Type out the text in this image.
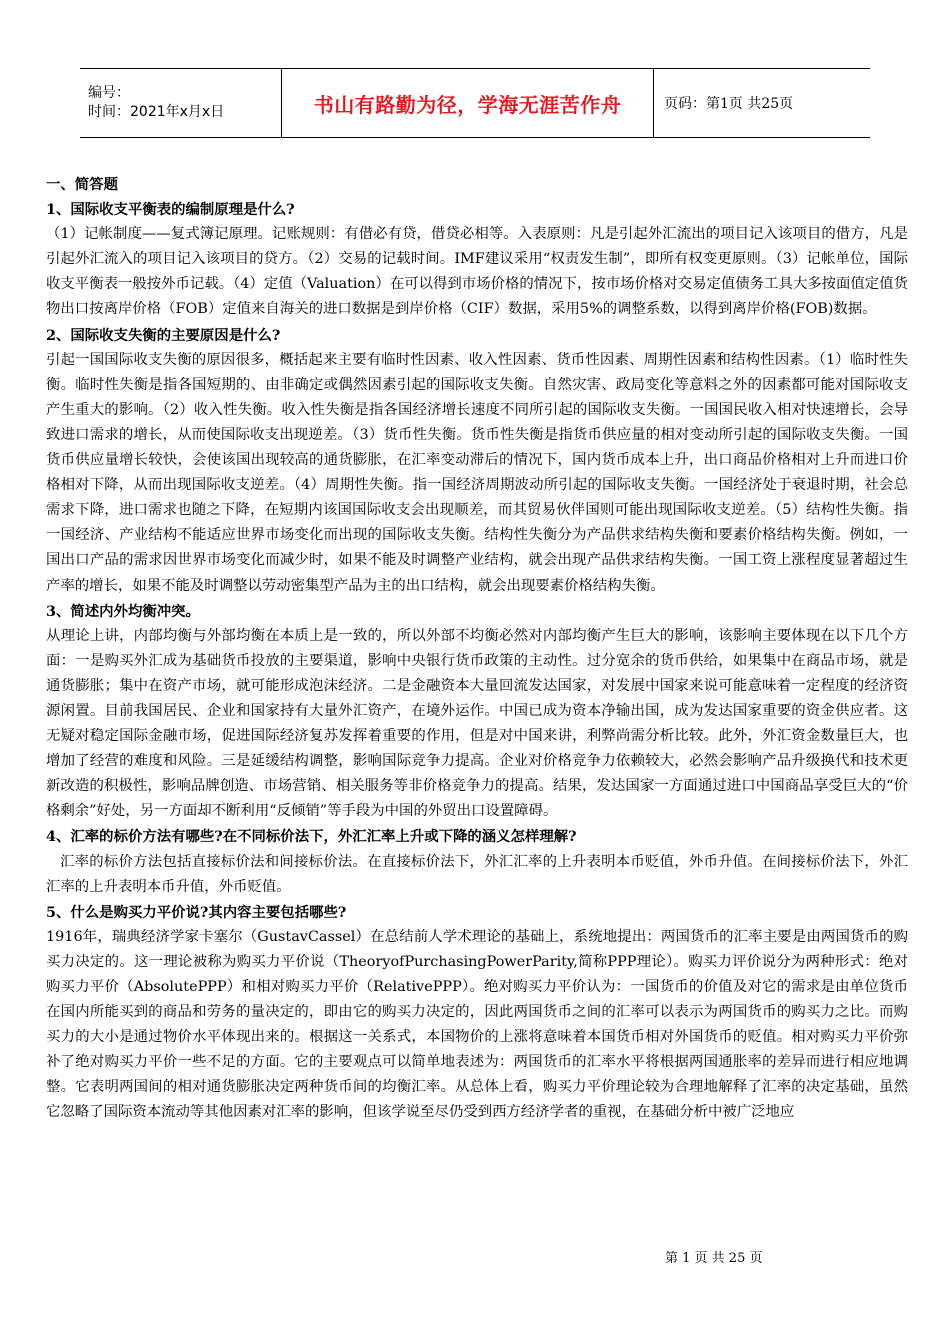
编号：
时间：2021年x月x日	书山有路勤为径，学海无涯苦作舟	页码：第1页 共25页

一、简答题

1、国际收支平衡表的编制原理是什么?

（1）记帐制度——复式簿记原理。记账规则：有借必有贷，借贷必相等。入表原则：凡是引起外汇流出的项目记入该项目的借方，凡是引起外汇流入的项目记入该项目的贷方。（2）交易的记载时间。IMF建议采用“权责发生制”，即所有权变更原则。（3）记帐单位，国际收支平衡表一般按外币记载。（4）定值（Valuation）在可以得到市场价格的情况下，按市场价格对交易定值债务工具大多按面值定值货物出口按离岸价格（FOB）定值来自海关的进口数据是到岸价格（CIF）数据，采用5%的调整系数，以得到离岸价格(FOB)数据。

2、国际收支失衡的主要原因是什么?

引起一国国际收支失衡的原因很多，概括起来主要有临时性因素、收入性因素、货币性因素、周期性因素和结构性因素。（1）临时性失衡。临时性失衡是指各国短期的、由非确定或偶然因素引起的国际收支失衡。自然灾害、政局变化等意料之外的因素都可能对国际收支产生重大的影响。（2）收入性失衡。收入性失衡是指各国经济增长速度不同所引起的国际收支失衡。一国国民收入相对快速增长，会导致进口需求的增长，从而使国际收支出现逆差。（3）货币性失衡。货币性失衡是指货币供应量的相对变动所引起的国际收支失衡。一国货币供应量增长较快，会使该国出现较高的通货膨胀，在汇率变动滞后的情况下，国内货币成本上升，出口商品价格相对上升而进口价格相对下降，从而出现国际收支逆差。（4）周期性失衡。指一国经济周期波动所引起的国际收支失衡。一国经济处于衰退时期，社会总需求下降，进口需求也随之下降，在短期内该国国际收支会出现顺差，而其贸易伙伴国则可能出现国际收支逆差。（5）结构性失衡。指一国经济、产业结构不能适应世界市场变化而出现的国际收支失衡。结构性失衡分为产品供求结构失衡和要素价格结构失衡。例如，一国出口产品的需求因世界市场变化而减少时，如果不能及时调整产业结构，就会出现产品供求结构失衡。一国工资上涨程度显著超过生产率的增长，如果不能及时调整以劳动密集型产品为主的出口结构，就会出现要素价格结构失衡。

3、简述内外均衡冲突。

从理论上讲，内部均衡与外部均衡在本质上是一致的，所以外部不均衡必然对内部均衡产生巨大的影响，该影响主要体现在以下几个方面：一是购买外汇成为基础货币投放的主要渠道，影响中央银行货币政策的主动性。过分宽余的货币供给，如果集中在商品市场，就是通货膨胀；集中在资产市场，就可能形成泡沫经济。二是金融资本大量回流发达国家，对发展中国家来说可能意味着一定程度的经济资源闲置。目前我国居民、企业和国家持有大量外汇资产，在境外运作。中国已成为资本净输出国，成为发达国家重要的资金供应者。这无疑对稳定国际金融市场，促进国际经济复苏发挥着重要的作用，但是对中国来讲，利弊尚需分析比较。此外，外汇资金数量巨大，也增加了经营的难度和风险。三是延缓结构调整，影响国际竞争力提高。企业对价格竞争力依赖较大，必然会影响产品升级换代和技术更新改造的积极性，影响品牌创造、市场营销、相关服务等非价格竞争力的提高。结果，发达国家一方面通过进口中国商品享受巨大的“价格剩余”好处，另一方面却不断利用“反倾销”等手段为中国的外贸出口设置障碍。

4、汇率的标价方法有哪些?在不同标价法下，外汇汇率上升或下降的涵义怎样理解?

汇率的标价方法包括直接标价法和间接标价法。在直接标价法下，外汇汇率的上升表明本币贬值，外币升值。在间接标价法下，外汇汇率的上升表明本币升值，外币贬值。

5、什么是购买力平价说?其内容主要包括哪些?

1916年，瑞典经济学家卡塞尔（GustavCassel）在总结前人学术理论的基础上，系统地提出：两国货币的汇率主要是由两国货币的购买力决定的。这一理论被称为购买力平价说（TheoryofPurchasingPowerParity,简称PPP理论）。购买力评价说分为两种形式：绝对购买力平价（AbsolutePPP）和相对购买力平价（RelativePPP）。绝对购买力平价认为：一国货币的价值及对它的需求是由单位货币在国内所能买到的商品和劳务的量决定的，即由它的购买力决定的，因此两国货币之间的汇率可以表示为两国货币的购买力之比。而购买力的大小是通过物价水平体现出来的。根据这一关系式，本国物价的上涨将意味着本国货币相对外国货币的贬值。相对购买力平价弥补了绝对购买力平价一些不足的方面。它的主要观点可以简单地表述为：两国货币的汇率水平将根据两国通胀率的差异而进行相应地调整。它表明两国间的相对通货膨胀决定两种货币间的均衡汇率。从总体上看，购买力平价理论较为合理地解释了汇率的决定基础，虽然它忽略了国际资本流动等其他因素对汇率的影响，但该学说至尽仍受到西方经济学者的重视，在基础分析中被广泛地应

第 1 页 共 25 页
